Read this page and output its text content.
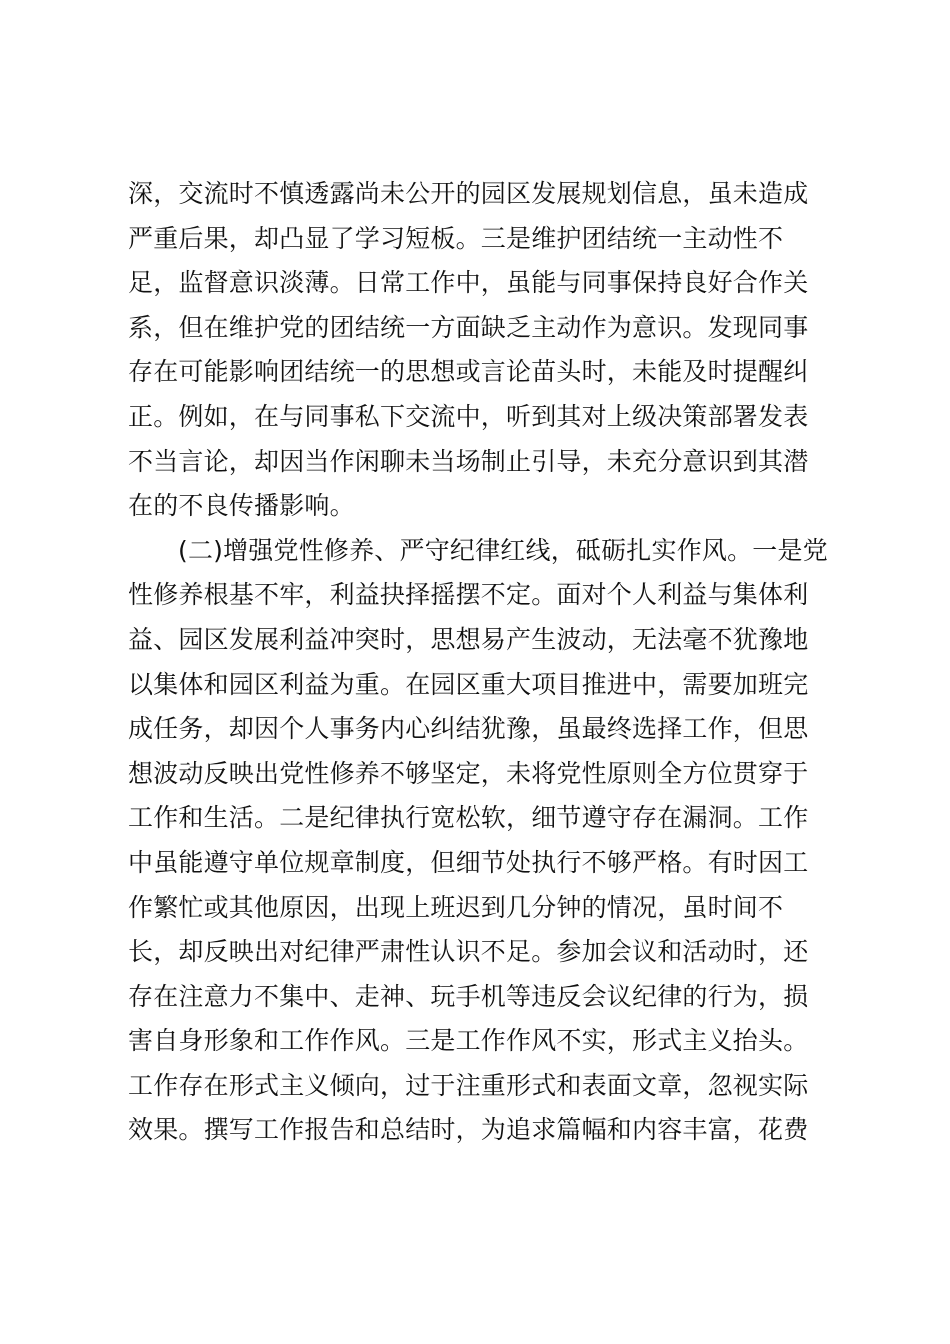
深，交流时不慎透露尚未公开的园区发展规划信息，虽未造成
严重后果，却凸显了学习短板。三是维护团结统一主动性不
足，监督意识淡薄。日常工作中，虽能与同事保持良好合作关
系，但在维护党的团结统一方面缺乏主动作为意识。发现同事
存在可能影响团结统一的思想或言论苗头时，未能及时提醒纠
正。例如，在与同事私下交流中，听到其对上级决策部署发表
不当言论，却因当作闲聊未当场制止引导，未充分意识到其潜
在的不良传播影响。
(二)增强党性修养、严守纪律红线，砥砺扎实作风。一是党
性修养根基不牢，利益抉择摇摆不定。面对个人利益与集体利
益、园区发展利益冲突时，思想易产生波动，无法毫不犹豫地
以集体和园区利益为重。在园区重大项目推进中，需要加班完
成任务，却因个人事务内心纠结犹豫，虽最终选择工作，但思
想波动反映出党性修养不够坚定，未将党性原则全方位贯穿于
工作和生活。二是纪律执行宽松软，细节遵守存在漏洞。工作
中虽能遵守单位规章制度，但细节处执行不够严格。有时因工
作繁忙或其他原因，出现上班迟到几分钟的情况，虽时间不
长，却反映出对纪律严肃性认识不足。参加会议和活动时，还
存在注意力不集中、走神、玩手机等违反会议纪律的行为，损
害自身形象和工作作风。三是工作作风不实，形式主义抬头。
工作存在形式主义倾向，过于注重形式和表面文章，忽视实际
效果。撰写工作报告和总结时，为追求篇幅和内容丰富，花费
